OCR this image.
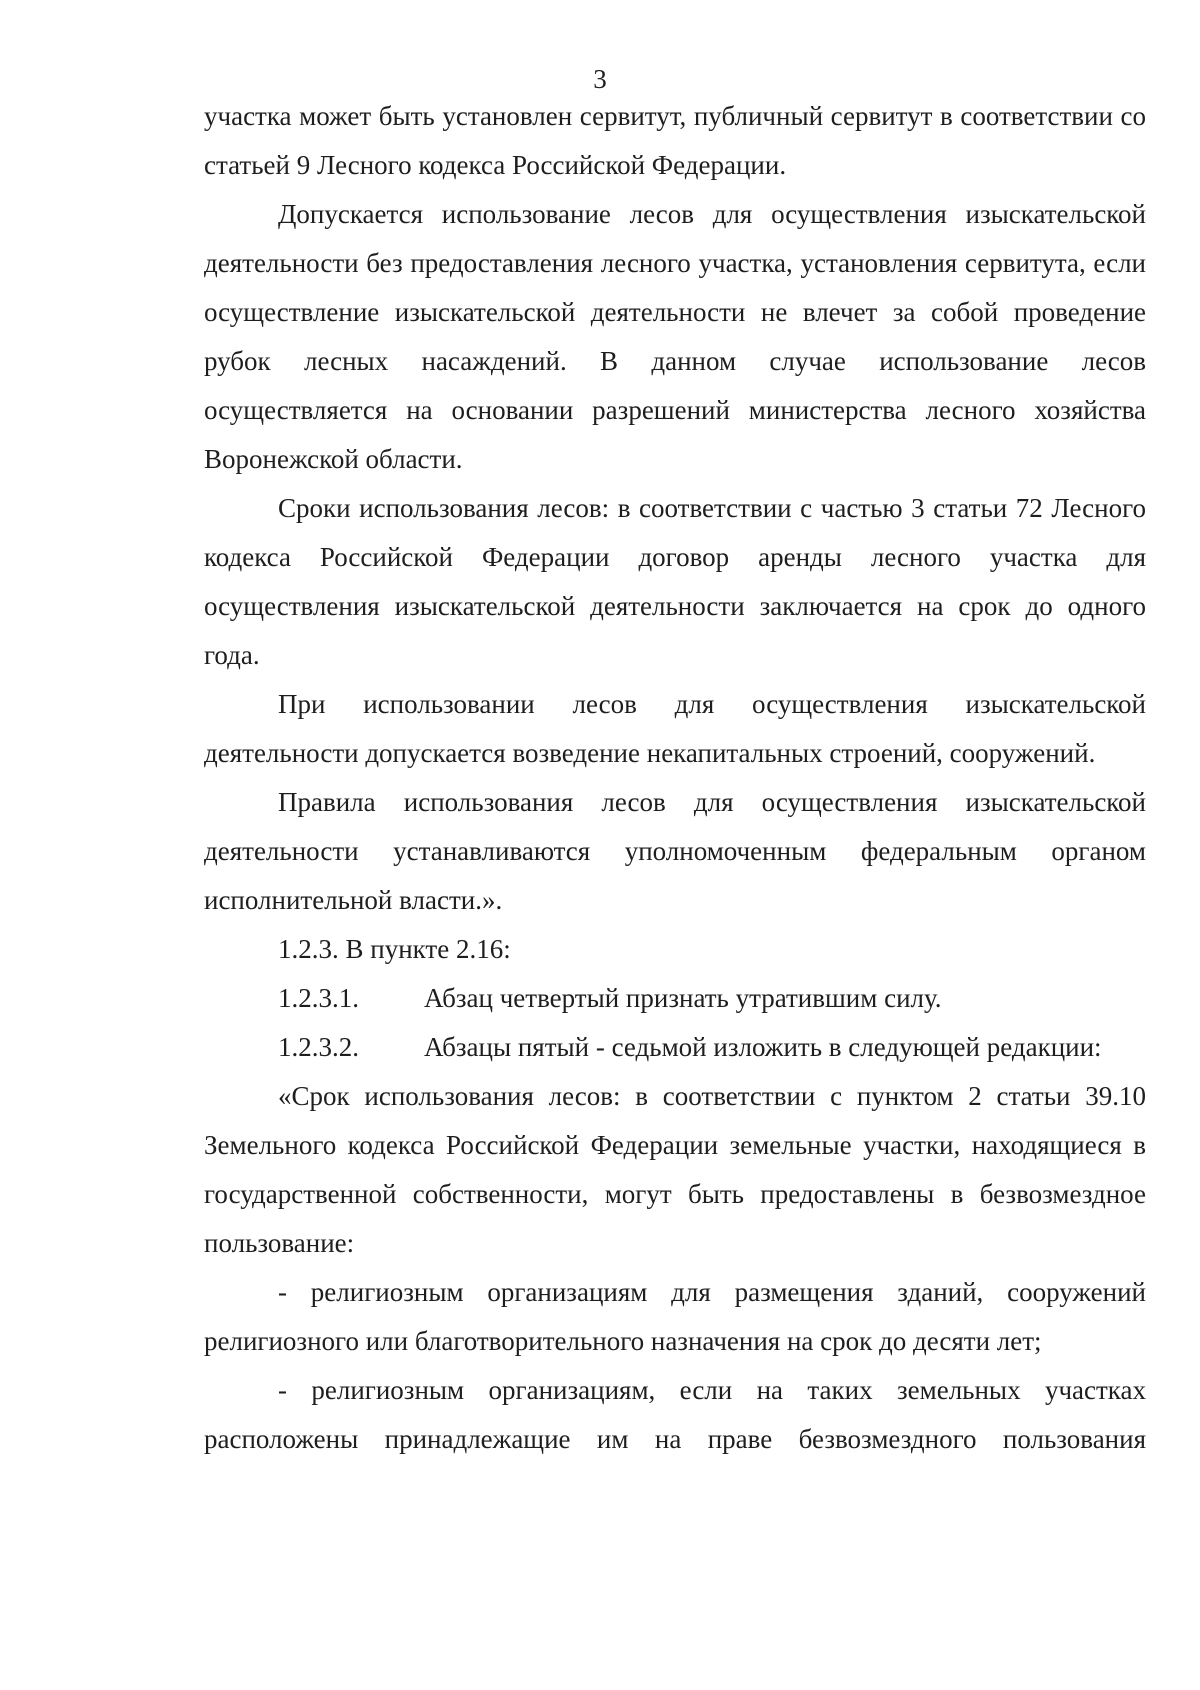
3

участка может быть установлен сервитут, публичный сервитут в соответствии со статьей 9 Лесного кодекса Российской Федерации.

Допускается использование лесов для осуществления изыскательской деятельности без предоставления лесного участка, установления сервитута, если осуществление изыскательской деятельности не влечет за собой проведение рубок лесных насаждений. В данном случае использование лесов осуществляется на основании разрешений министерства лесного хозяйства Воронежской области.

Сроки использования лесов: в соответствии с частью 3 статьи 72 Лесного кодекса Российской Федерации договор аренды лесного участка для осуществления изыскательской деятельности заключается на срок до одного года.

При использовании лесов для осуществления изыскательской деятельности допускается возведение некапитальных строений, сооружений.

Правила использования лесов для осуществления изыскательской деятельности устанавливаются уполномоченным федеральным органом исполнительной власти.».

1.2.3. В пункте 2.16:

1.2.3.1. Абзац четвертый признать утратившим силу.

1.2.3.2. Абзацы пятый - седьмой изложить в следующей редакции:

«Срок использования лесов: в соответствии с пунктом 2 статьи 39.10 Земельного кодекса Российской Федерации земельные участки, находящиеся в государственной собственности, могут быть предоставлены в безвозмездное пользование:

- религиозным организациям для размещения зданий, сооружений религиозного или благотворительного назначения на срок до десяти лет;

- религиозным организациям, если на таких земельных участках расположены принадлежащие им на праве безвозмездного пользования
